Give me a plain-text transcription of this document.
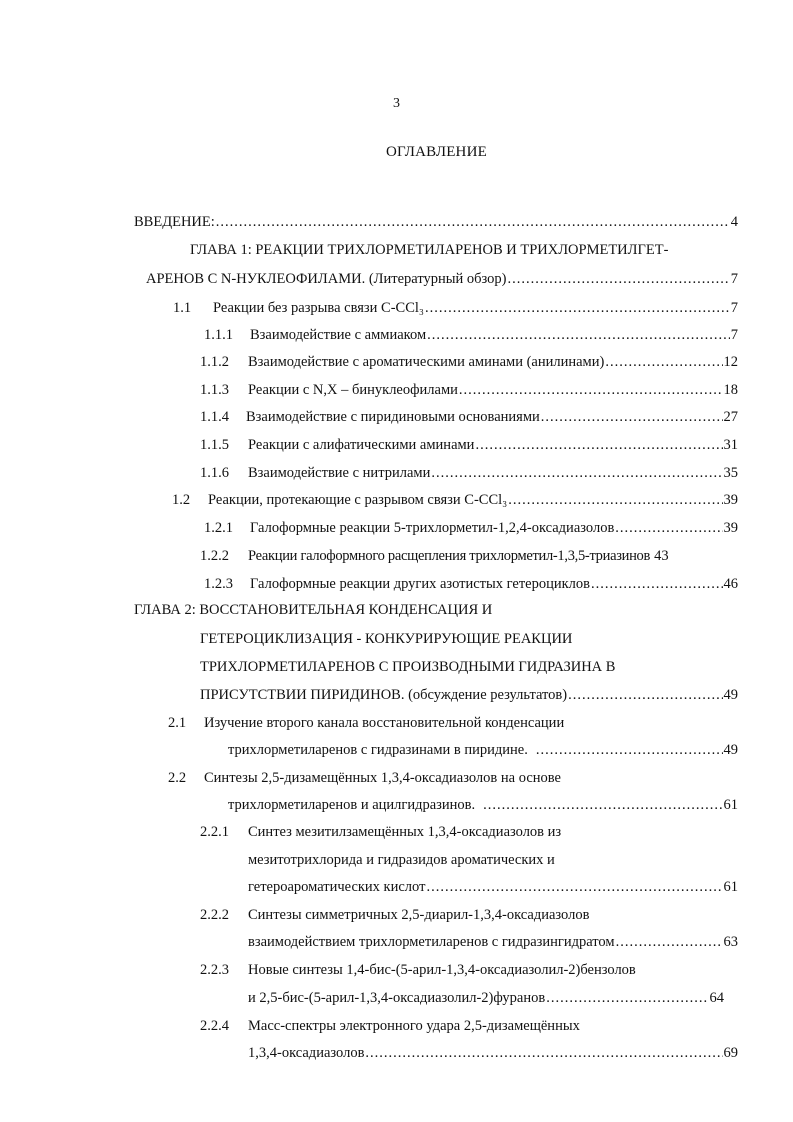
3
ОГЛАВЛЕНИЕ
ВВЕДЕНИЕ: .....	4
ГЛАВА 1: РЕАКЦИИ ТРИХЛОРМЕТИЛАРЕНОВ И ТРИХЛОРМЕТИЛГЕТ-
АРЕНОВ С N-НУКЛЕОФИЛАМИ. (Литературный обзор) .....	7
1.1	Реакции без разрыва связи C-CCl₃ .....	7
1.1.1	Взаимодействие с аммиаком .....	7
1.1.2	Взаимодействие с ароматическими аминами (анилинами) .....	12
1.1.3	Реакции с N,X – бинуклеофилами .....	18
1.1.4	Взаимодействие с пиридиновыми основаниями .....	27
1.1.5	Реакции с алифатическими аминами .....	31
1.1.6	Взаимодействие с нитрилами .....	35
1.2	Реакции, протекающие с разрывом связи C-CCl₃ .....	39
1.2.1	Галоформные реакции 5-трихлорметил-1,2,4-оксадиазолов .....	39
1.2.2	Реакции галоформного расщепления трихлорметил-1,3,5-триазинов 43
1.2.3	Галоформные реакции других азотистых гетероциклов .....	46
ГЛАВА 2: ВОССТАНОВИТЕЛЬНАЯ КОНДЕНСАЦИЯ И
ГЕТЕРОЦИКЛИЗАЦИЯ - КОНКУРИРУЮЩИЕ РЕАКЦИИ
ТРИХЛОРМЕТИЛАРЕНОВ С ПРОИЗВОДНЫМИ ГИДРАЗИНА В
ПРИСУТСТВИИ ПИРИДИНОВ. (обсуждение результатов) .....	49
2.1	Изучение второго канала восстановительной конденсации
трихлорметиларенов с гидразинами в пиридине. .....	49
2.2	Синтезы 2,5-дизамещённых 1,3,4-оксадиазолов на основе
трихлорметиларенов и ацилгидразинов. .....	61
2.2.1	Синтез мезитилзамещённых 1,3,4-оксадиазолов из
мезитотрихлорида и гидразидов ароматических и
гетероароматических кислот .....	61
2.2.2	Синтезы симметричных 2,5-диарил-1,3,4-оксадиазолов
взаимодействием трихлорметиларенов с гидразингидратом .....	63
2.2.3	Новые синтезы 1,4-бис-(5-арил-1,3,4-оксадиазолил-2)бензолов
и 2,5-бис-(5-арил-1,3,4-оксадиазолил-2)фуранов .....	64
2.2.4	Масс-спектры электронного удара 2,5-дизамещённых
1,3,4-оксадиазолов .....	69
